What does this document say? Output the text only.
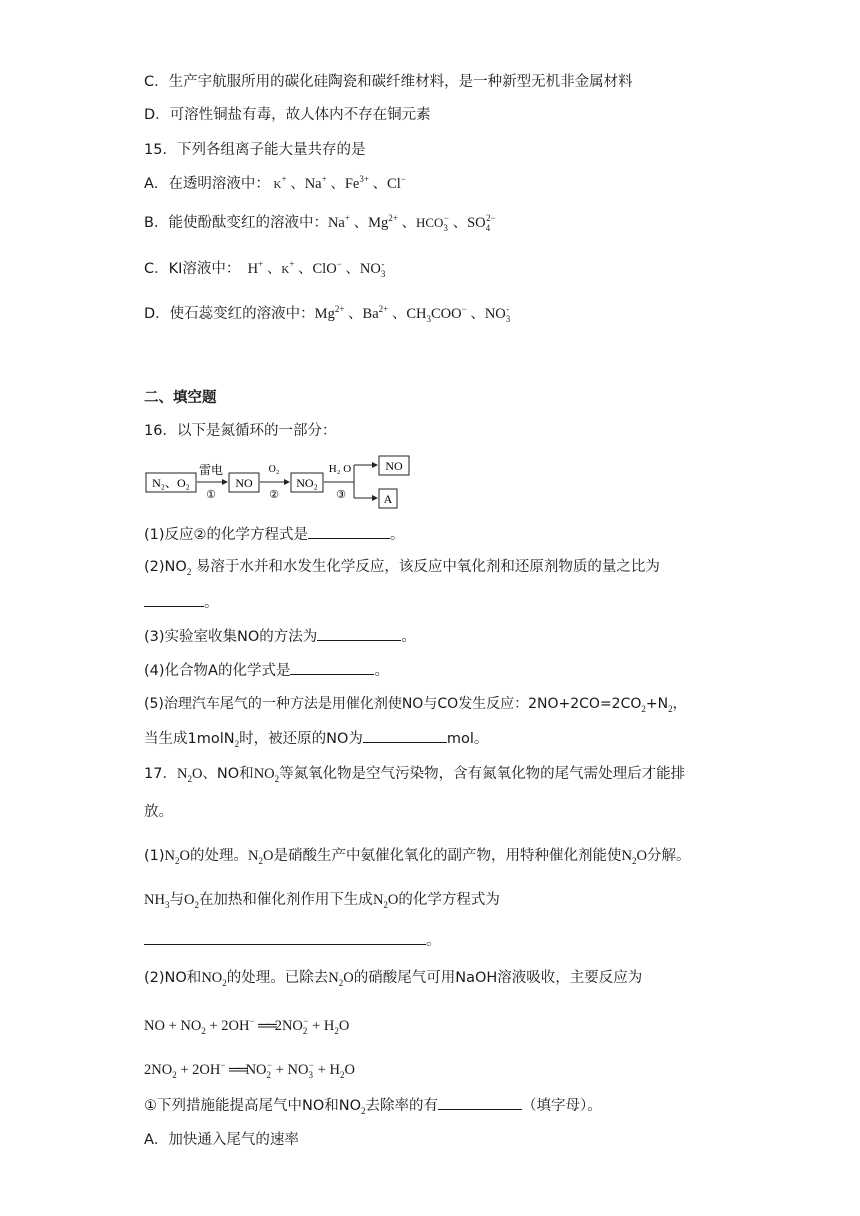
C．生产宇航服所用的碳化硅陶瓷和碳纤维材料，是一种新型无机非金属材料
D．可溶性铜盐有毒，故人体内不存在铜元素
15．下列各组离子能大量共存的是
A．在透明溶液中： K+ 、Na+ 、$Fe^{3+}$ 、Cl−
B．能使酚酞变红的溶液中：Na+ 、$Mg^{2+}$ 、$HCO_3^-$ 、$SO_4^{2-}$
C．KI溶液中：  H+ 、K+ 、ClO− 、$NO_3^-$
D．使石蕊变红的溶液中：$Mg^{2+}$ 、$Ba^{2+}$ 、$CH_3COO^-$ 、$NO_3^-$
二、填空题
16．以下是氮循环的一部分：
N₂、O₂
雷电
①
NO
O₂
②
NO₂
H₂ O
③
NO
A
(1)反应②的化学方程式是	。
$(2)NO_2$ 易溶于水并和水发生化学反应，该反应中氧化剂和还原剂物质的量之比为
。
(3)实验室收集NO的方法为	。
(4)化合物A的化学式是	。
(5)治理汽车尾气的一种方法是用催化剂使NO与CO发生反应：$2NO+2CO=2CO_2+N_2$，
当生成1molN$_2$时，被还原的NO为	mol。
17．$N_2O$、NO和$NO_2$等氮氧化物是空气污染物，含有氮氧化物的尾气需处理后才能排
放。
$(1)N_2O$的处理。$N_2O$是硝酸生产中氨催化氧化的副产物，用特种催化剂能使$N_2O$分解。
$NH_3$与$O_2$在加热和催化剂作用下生成$N_2O$的化学方程式为
。
(2)NO和$NO_2$的处理。已除去$N_2O$的硝酸尾气可用NaOH溶液吸收，主要反应为
NO + $NO_2 + 2OH^-$ $══2NO_2^- + H_2O$
$2NO_2 + 2OH^-$ $══NO_2^- + NO_3^- + H_2O$
①下列措施能提高尾气中NO和$NO_2$去除率的有	（填字母）。
A．加快通入尾气的速率
